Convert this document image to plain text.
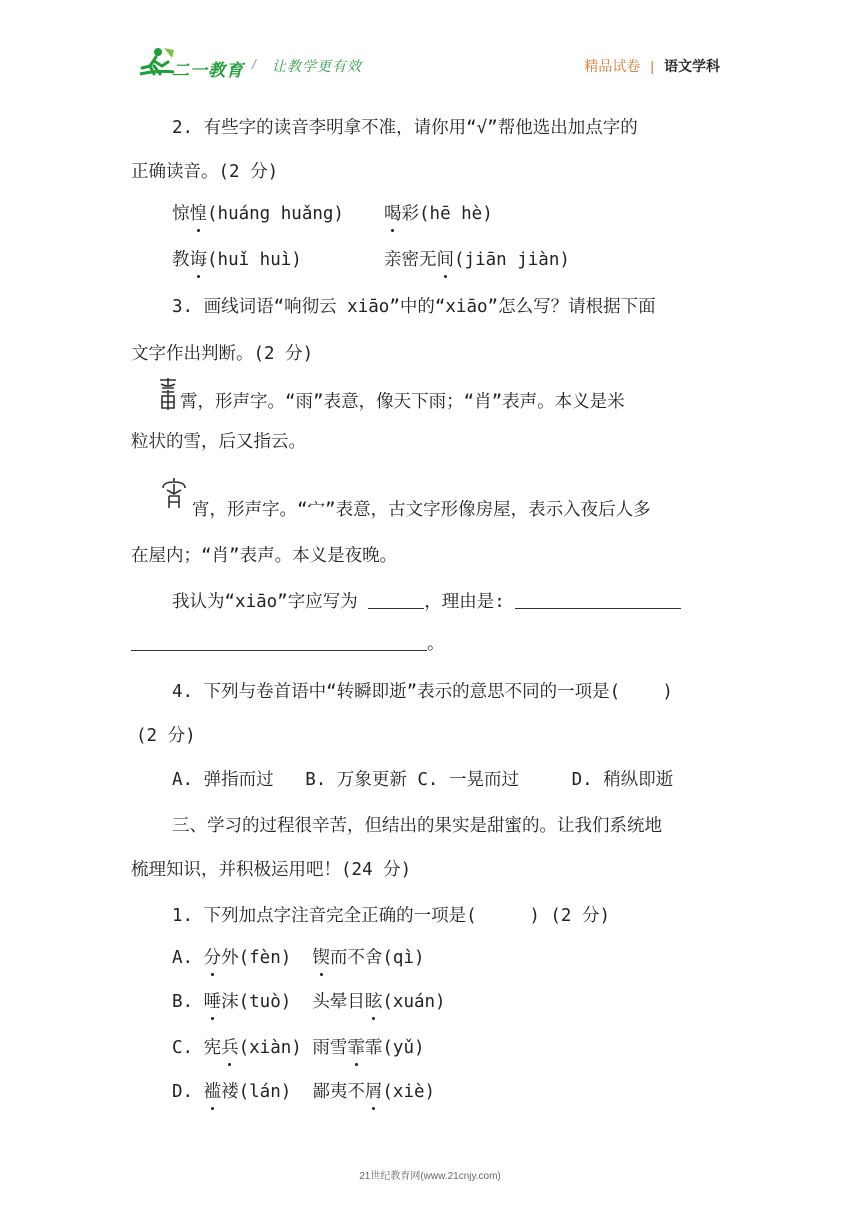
二一教育 / 让教学更有效	精品试卷 | 语文学科
2. 有些字的读音李明拿不准，请你用“√”帮他选出加点字的
正确读音。(2 分)
惊惶(huáng huǎng) 喝彩(hē hè)
教诲(huǐ huì)	亲密无间(jiān jiàn)
3. 画线词语“响彻云 xiāo”中的“xiāo”怎么写？请根据下面
文字作出判断。(2 分)
霄，形声字。“雨”表意，像天下雨；“肖”表声。本义是米
粒状的雪，后又指云。
宵，形声字。“宀”表意，古文字形像房屋，表示入夜后人多
在屋内；“肖”表声。本义是夜晚。
我认为“xiāo”字应写为	，理由是:
。
4. 下列与卷首语中“转瞬即逝”表示的意思不同的一项是(    )
(2 分)
A. 弹指而过   B. 万象更新 C. 一晃而过     D. 稍纵即逝
三、学习的过程很辛苦，但结出的果实是甜蜜的。让我们系统地
梳理知识，并积极运用吧！(24 分)
1. 下列加点字注音完全正确的一项是(     ) (2 分)
A. 分外(fèn)  锲而不舍(qì)
B. 唾沫(tuò)  头晕目眩(xuán)
C. 宪兵(xiàn) 雨雪霏霏(yǔ)
D. 褴褛(lán)  鄙夷不屑(xiè)
21世纪教育网(www.21cnjy.com)
